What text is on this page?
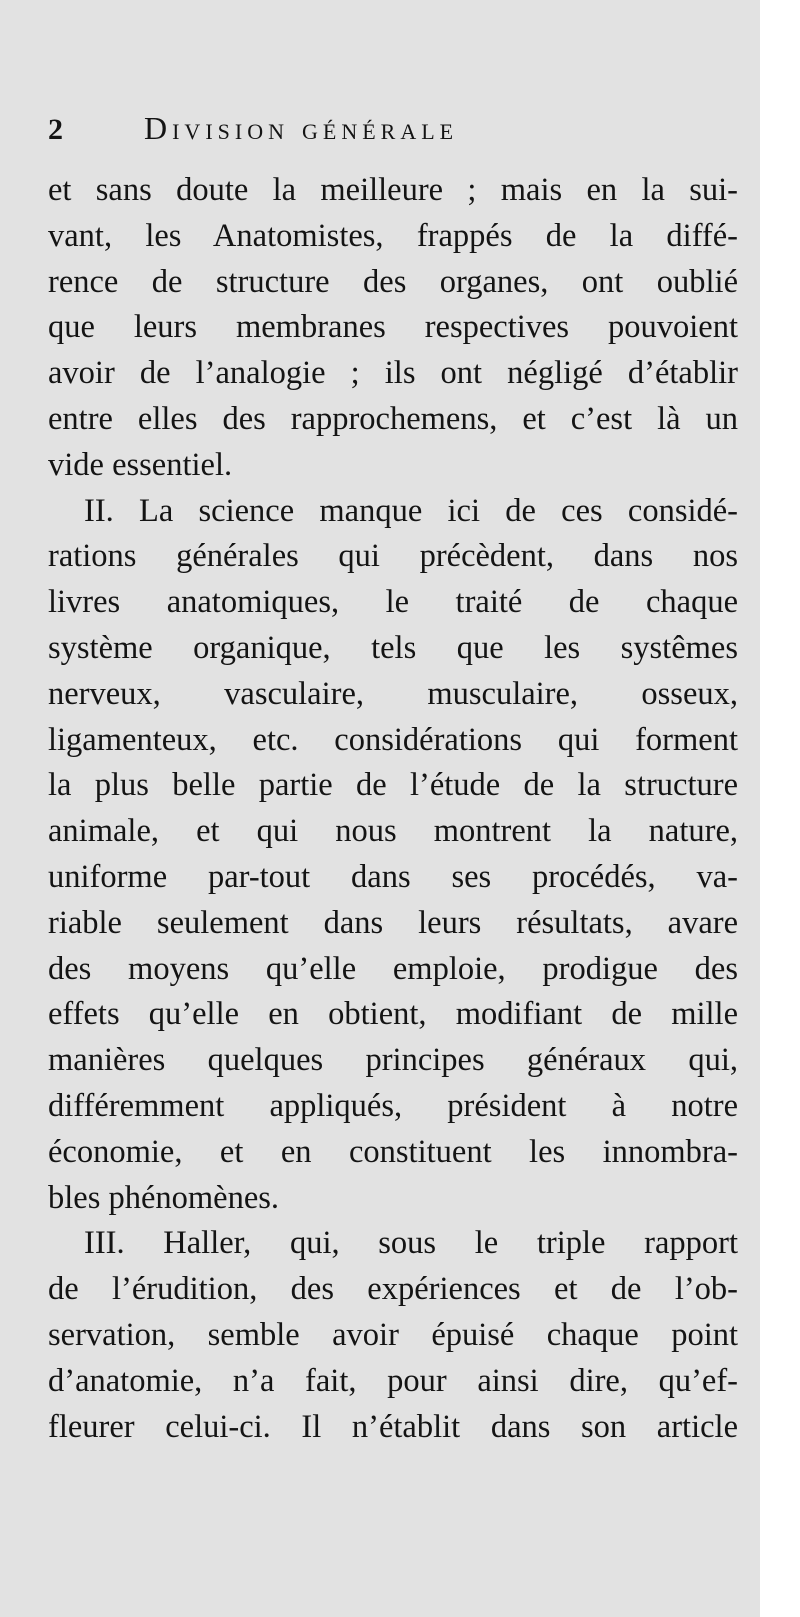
2	Division générale
et sans doute la meilleure ; mais en la sui-
vant, les Anatomistes, frappés de la diffé-
rence de structure des organes, ont oublié
que leurs membranes respectives pouvoient
avoir de l’analogie ; ils ont négligé d’établir
entre elles des rapprochemens, et c’est là un
vide essentiel.
II. La science manque ici de ces considé-
rations générales qui précèdent, dans nos
livres anatomiques, le traité de chaque
système organique, tels que les systêmes
nerveux, vasculaire, musculaire, osseux,
ligamenteux, etc. considérations qui forment
la plus belle partie de l’étude de la structure
animale, et qui nous montrent la nature,
uniforme par-tout dans ses procédés, va-
riable seulement dans leurs résultats, avare
des moyens qu’elle emploie, prodigue des
effets qu’elle en obtient, modifiant de mille
manières quelques principes généraux qui,
différemment appliqués, président à notre
économie, et en constituent les innombra-
bles phénomènes.
III. Haller, qui, sous le triple rapport
de l’érudition, des expériences et de l’ob-
servation, semble avoir épuisé chaque point
d’anatomie, n’a fait, pour ainsi dire, qu’ef-
fleurer celui-ci. Il n’établit dans son article
